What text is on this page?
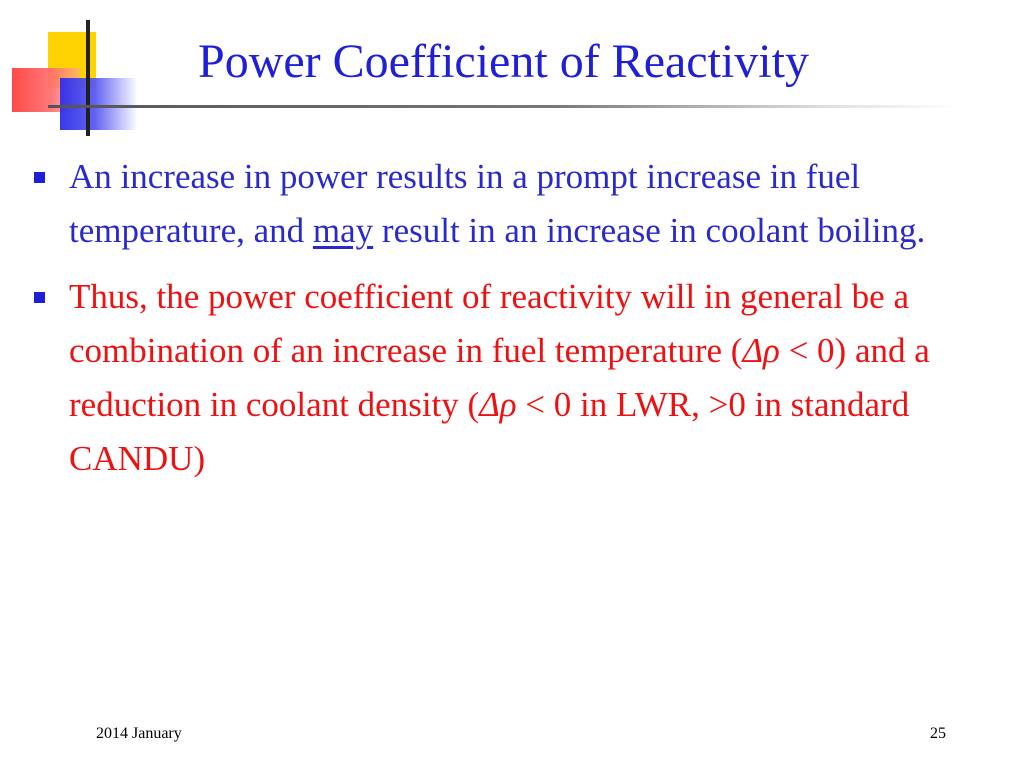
Power Coefficient of Reactivity
An increase in power results in a prompt increase in fuel temperature, and may result in an increase in coolant boiling.
Thus, the power coefficient of reactivity will in general be a combination of an increase in fuel temperature (Δρ < 0) and a reduction in coolant density (Δρ < 0 in LWR, >0 in standard CANDU)
2014 January	25
